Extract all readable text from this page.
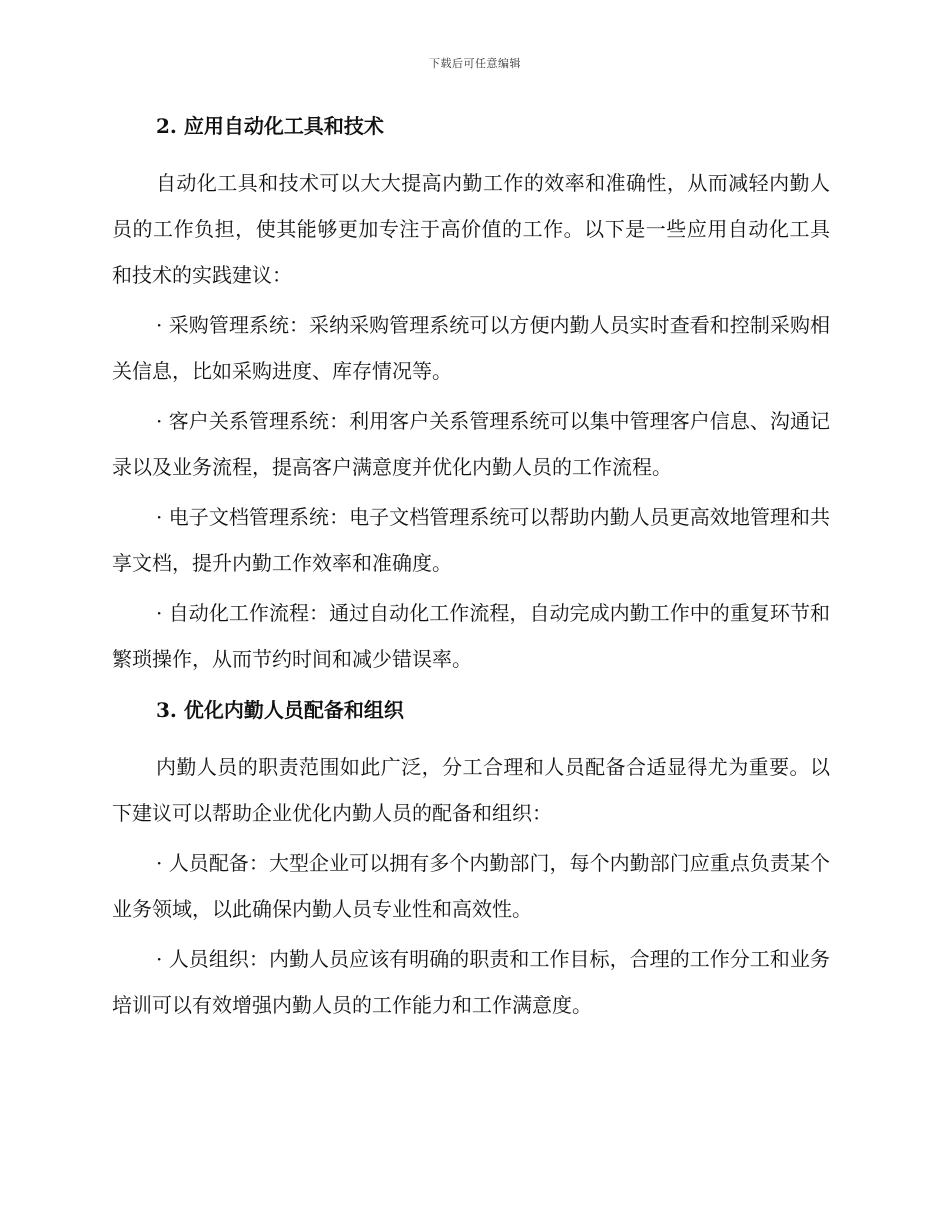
下载后可任意编辑
2. 应用自动化工具和技术

自动化工具和技术可以大大提高内勤工作的效率和准确性，从而减轻内勤人员的工作负担，使其能够更加专注于高价值的工作。以下是一些应用自动化工具和技术的实践建议：

· 采购管理系统：采纳采购管理系统可以方便内勤人员实时查看和控制采购相关信息，比如采购进度、库存情况等。

· 客户关系管理系统：利用客户关系管理系统可以集中管理客户信息、沟通记录以及业务流程，提高客户满意度并优化内勤人员的工作流程。

· 电子文档管理系统：电子文档管理系统可以帮助内勤人员更高效地管理和共享文档，提升内勤工作效率和准确度。

· 自动化工作流程：通过自动化工作流程，自动完成内勤工作中的重复环节和繁琐操作，从而节约时间和减少错误率。

3. 优化内勤人员配备和组织

内勤人员的职责范围如此广泛，分工合理和人员配备合适显得尤为重要。以下建议可以帮助企业优化内勤人员的配备和组织：

· 人员配备：大型企业可以拥有多个内勤部门，每个内勤部门应重点负责某个业务领域，以此确保内勤人员专业性和高效性。

· 人员组织：内勤人员应该有明确的职责和工作目标，合理的工作分工和业务培训可以有效增强内勤人员的工作能力和工作满意度。
